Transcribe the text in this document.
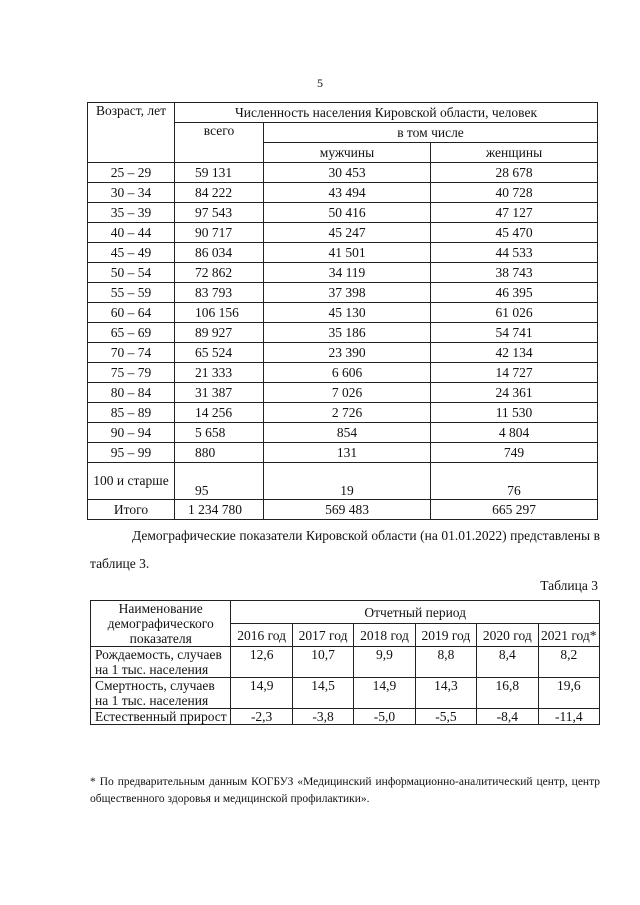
5
Возраст, лет	Численность населения Кировской области, человек		
	всего	в том числе	
		мужчины	женщины
25 – 29	59 131	30 453	28 678
30 – 34	84 222	43 494	40 728
35 – 39	97 543	50 416	47 127
40 – 44	90 717	45 247	45 470
45 – 49	86 034	41 501	44 533
50 – 54	72 862	34 119	38 743
55 – 59	83 793	37 398	46 395
60 – 64	106 156	45 130	61 026
65 – 69	89 927	35 186	54 741
70 – 74	65 524	23 390	42 134
75 – 79	21 333	6 606	14 727
80 – 84	31 387	7 026	24 361
85 – 89	14 256	2 726	11 530
90 – 94	5 658	854	4 804
95 – 99	880	131	749
100 и старше	95	19	76
Итого	1 234 780	569 483	665 297
Демографические показатели Кировской области (на 01.01.2022) представлены в таблице 3.
Таблица 3
Наименование демографического показателя	Отчетный период					
	2016 год	2017 год	2018 год	2019 год	2020 год	2021 год*
Рождаемость, случаев на 1 тыс. населения	12,6	10,7	9,9	8,8	8,4	8,2
Смертность, случаев на 1 тыс. населения	14,9	14,5	14,9	14,3	16,8	19,6
Естественный прирост	-2,3	-3,8	-5,0	-5,5	-8,4	-11,4
* По предварительным данным КОГБУЗ «Медицинский информационно-аналитический центр, центр общественного здоровья и медицинской профилактики».
